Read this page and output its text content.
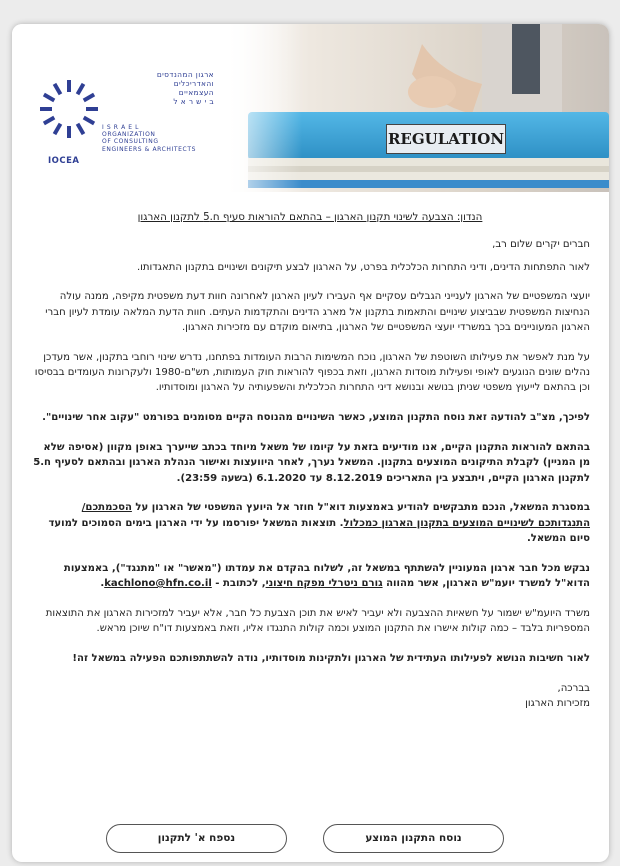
ארגון המהנדסים
והאדריכלים
העצמאיים
ב י ש ר א ל
I S R A E L
ORGANIZATION
OF CONSULTING
ENGINEERS & ARCHITECTS
IOCEA
REGULATION
הנדון: הצבעה לשינוי תקנון הארגון – בהתאם להוראות סעיף ח.5 לתקנון הארגון

חברים יקרים שלום רב,

לאור התפתחות הדינים, ודיני התחרות הכלכלית בפרט, על הארגון לבצע תיקונים ושינויים בתקנון התאגדותו.

יועצי המשפטיים של הארגון לענייני הגבלים עסקיים אף העבירו לעיון הארגון לאחרונה חוות דעת משפטית מקיפה, ממנה עולה הנחיצות המשפטית שבביצוע שינויים והתאמות בתקנון אל מארג הדינים והתקדמות העתים. חוות הדעת המלאה עומדת לעיון חברי הארגון המעוניינים בכך במשרדי יועצי המשפטיים של הארגון, בתיאום מוקדם עם מזכירות הארגון.

על מנת לאפשר את פעילותו השוטפת של הארגון, נוכח המשימות הרבות העומדות בפתחנו, נדרש שינוי רוחבי בתקנון, אשר מעדכן נהלים שונים הנוגעים לאופי ופעילות מוסדות הארגון, וזאת בכפוף להוראות חוק העמותות, תש"ם-1980 ולעקרונות העומדים בבסיסו וכן בהתאם לייעוץ משפטי שניתן בנושא ובנושא דיני התחרות הכלכלית והשפעותיה על הארגון ומוסדותיו.

לפיכך, מצ"ב להודעה זאת נוסח התקנון המוצע, כאשר השינויים מהנוסח הקיים מסומנים בפורמט "עקוב אחר שינויים".

בהתאם להוראות התקנון הקיים, אנו מודיעים בזאת על קיומו של משאל מיוחד בכתב שייערך באופן מקוון (אסיפה שלא מן המניין) לקבלת התיקונים המוצעים בתקנון. המשאל נערך, לאחר היוועצות ואישור הנהלת הארגון ובהתאם לסעיף ח.5 לתקנון הארגון הקיים, ויתבצע בין התאריכים 8.12.2019 עד 6.1.2020 (בשעה 23:59).

במסגרת המשאל, הנכם מתבקשים להודיע באמצעות דוא"ל חוזר אל היועץ המשפטי של הארגון על הסכמתכם/ התנגדותכם לשינויים המוצעים בתקנון הארגון כמכלול. תוצאות המשאל יפורסמו על ידי הארגון בימים הסמוכים למועד סיום המשאל.

נבקש מכל חבר ארגון המעוניין להשתתף במשאל זה, לשלוח בהקדם את עמדתו ("מאשר" או "מתנגד"), באמצעות הדוא"ל למשרד יועמ"ש הארגון, אשר מהווה גורם ניטרלי מפקח חיצוני, לכתובת - kachlono@hfn.co.il.

משרד היועמ"ש ישמור על חשאיות ההצבעה ולא יעביר לאיש את תוכן הצבעת כל חבר, אלא יעביר למזכירות הארגון את התוצאות המספריות בלבד – כמה קולות אישרו את התקנון המוצע וכמה קולות התנגדו אליו, וזאת באמצעות דו"ח שיוכן מראש.

לאור חשיבות הנושא לפעילותו העתידית של הארגון ולתקינות מוסדותיו, נודה להשתתפותכם הפעילה במשאל זה!

בברכה,
מזכירות הארגון
נוסח התקנון המוצע
נספח א' לתקנון
